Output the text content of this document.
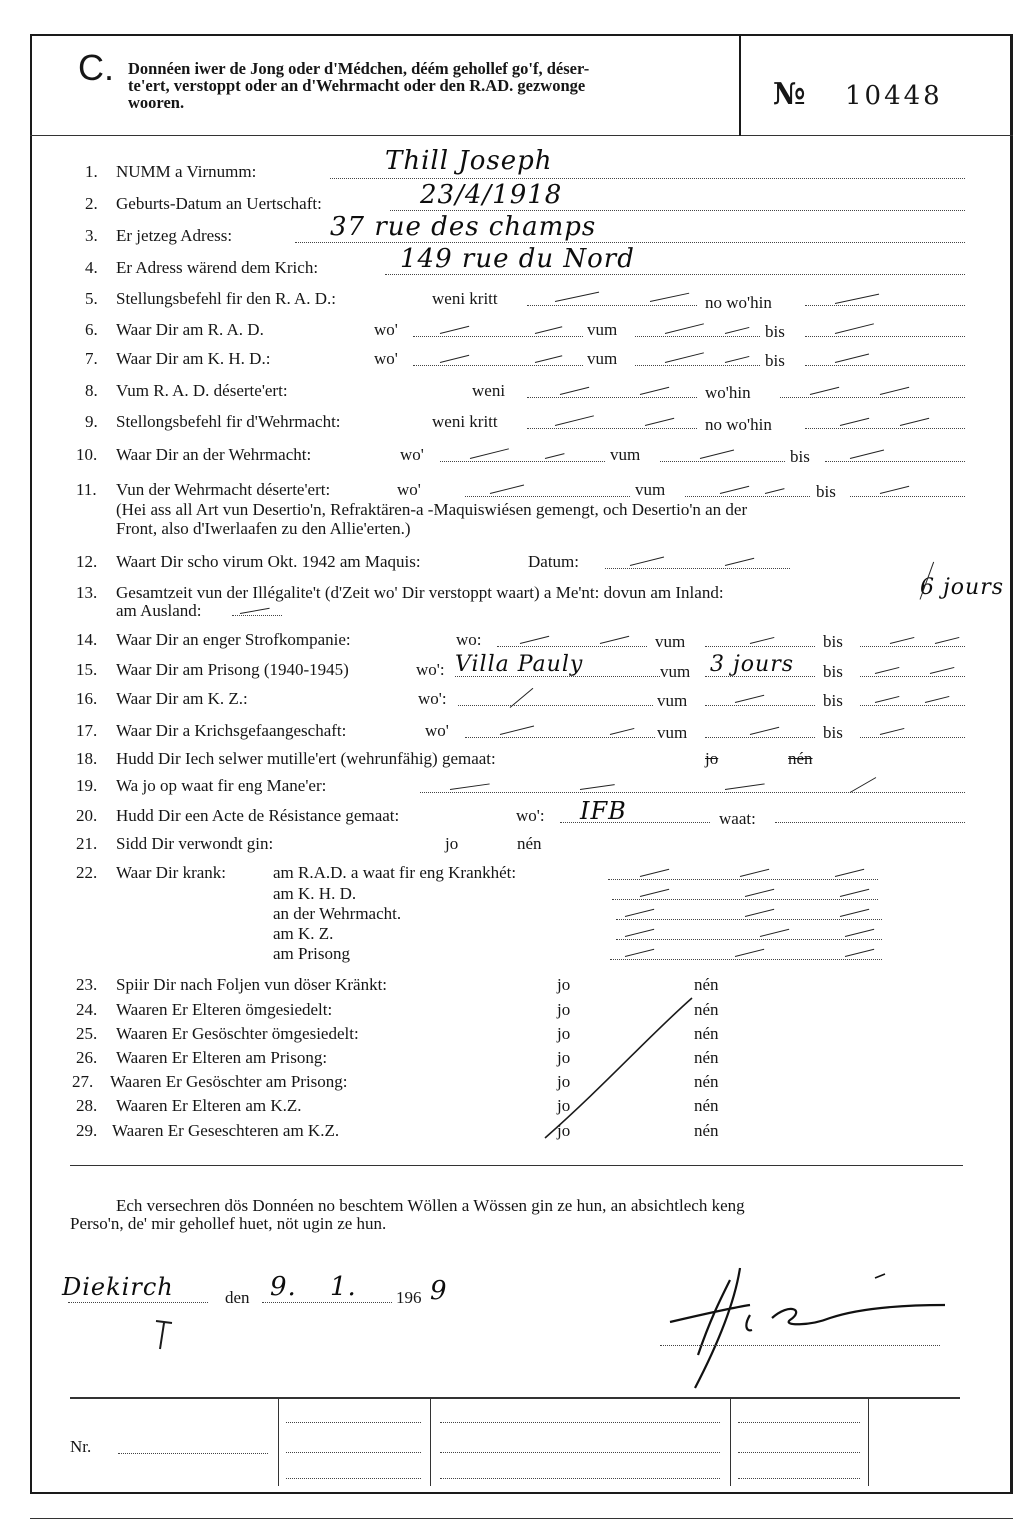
C. Donnéen iwer de Jong oder d'Médchen, déém gehollef go'f, déser-
te'ert, verstoppt oder an d'Wehrmacht oder den R.AD. gezwonge
wooren.	№ 10448
1. NUMM a Virnumm:	Thill Joseph
2. Geburts-Datum an Uertschaft:	23/4/1918
3. Er jetzeg Adress:	37 rue des champs
4. Er Adress wärend dem Krich:	149 rue du Nord
5. Stellungsbefehl fir den R. A. D.:	weni kritt	no wo'hin
6. Waar Dir am R. A. D.	wo'	vum	bis
7. Waar Dir am K. H. D.:	wo'	vum	bis
8. Vum R. A. D. déserte'ert:	weni	wo'hin
9. Stellongsbefehl fir d'Wehrmacht:	weni kritt	no wo'hin
10. Waar Dir an der Wehrmacht:	wo'	vum	bis
11. Vun der Wehrmacht déserte'ert:	wo'	vum	bis
(Hei ass all Art vun Desertio'n, Refraktären-a -Maquiswiésen gemengt, och Desertio'n an der
Front, also d'Iwerlaafen zu den Allie'erten.)
12. Waart Dir scho virum Okt. 1942 am Maquis:	Datum:
13. Gesamtzeit vun der Illégalite't (d'Zeit wo' Dir verstoppt waart) a Me'nt: dovun am Inland:	6 jours
am Ausland:
14. Waar Dir an enger Strofkompanie:	wo:	vum	bis
15. Waar Dir am Prisong (1940-1945)	wo': Villa Pauly	vum 3 jours bis
16. Waar Dir am K. Z.:	wo':	vum	bis
17. Waar Dir a Krichsgefaangeschaft:	wo'	vum	bis
18. Hudd Dir Iech selwer mutille'ert (wehrunfähig) gemaat:	jo	nén
19. Wa jo op waat fir eng Mane'er:
20. Hudd Dir een Acte de Résistance gemaat:	wo': IFB	waat:
21. Sidd Dir verwondt gin:	jo	nén
22. Waar Dir krank:	am R.A.D. a waat fir eng Krankhét:
am K. H. D.
an der Wehrmacht.
am K. Z.
am Prisong
23. Spiir Dir nach Foljen vun döser Kränkt:	jo	nén
24. Waaren Er Elteren ömgesiedelt:	jo	nén
25. Waaren Er Gesöschter ömgesiedelt:	jo	nén
26. Waaren Er Elteren am Prisong:	jo	nén
27. Waaren Er Gesöschter am Prisong:	jo	nén
28. Waaren Er Elteren am K.Z.	jo	nén
29. Waaren Er Geseschteren am K.Z.	jo	nén
Ech versechren dös Donnéen no beschtem Wöllen a Wössen gin ze hun, an absichtlech keng
Perso'n, de' mir gehollef huet, nöt ugin ze hun.
Diekirch	den 9. 1. 196 9
Nr.
